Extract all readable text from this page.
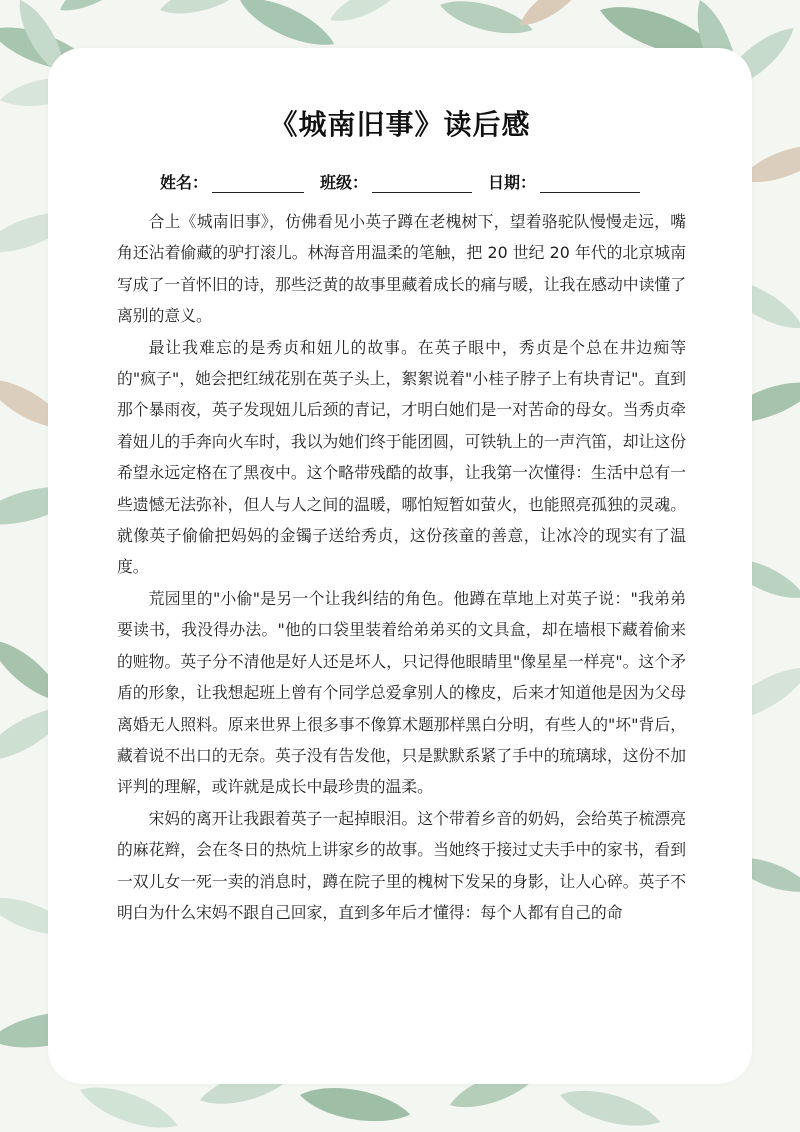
《城南旧事》读后感
姓名：	班级：	日期：

合上《城南旧事》，仿佛看见小英子蹲在老槐树下，望着骆驼队慢慢走远，嘴角还沾着偷藏的驴打滚儿。林海音用温柔的笔触，把 20 世纪 20 年代的北京城南写成了一首怀旧的诗，那些泛黄的故事里藏着成长的痛与暖，让我在感动中读懂了离别的意义。

最让我难忘的是秀贞和妞儿的故事。在英子眼中，秀贞是个总在井边痴等的"疯子"，她会把红绒花别在英子头上，絮絮说着"小桂子脖子上有块青记"。直到那个暴雨夜，英子发现妞儿后颈的青记，才明白她们是一对苦命的母女。当秀贞牵着妞儿的手奔向火车时，我以为她们终于能团圆，可铁轨上的一声汽笛，却让这份希望永远定格在了黑夜中。这个略带残酷的故事，让我第一次懂得：生活中总有一些遗憾无法弥补，但人与人之间的温暖，哪怕短暂如萤火，也能照亮孤独的灵魂。就像英子偷偷把妈妈的金镯子送给秀贞，这份孩童的善意，让冰冷的现实有了温度。

荒园里的"小偷"是另一个让我纠结的角色。他蹲在草地上对英子说："我弟弟要读书，我没得办法。"他的口袋里装着给弟弟买的文具盒，却在墙根下藏着偷来的赃物。英子分不清他是好人还是坏人，只记得他眼睛里"像星星一样亮"。这个矛盾的形象，让我想起班上曾有个同学总爱拿别人的橡皮，后来才知道他是因为父母离婚无人照料。原来世界上很多事不像算术题那样黑白分明，有些人的"坏"背后，藏着说不出口的无奈。英子没有告发他，只是默默系紧了手中的琉璃球，这份不加评判的理解，或许就是成长中最珍贵的温柔。

宋妈的离开让我跟着英子一起掉眼泪。这个带着乡音的奶妈，会给英子梳漂亮的麻花辫，会在冬日的热炕上讲家乡的故事。当她终于接过丈夫手中的家书，看到一双儿女一死一卖的消息时，蹲在院子里的槐树下发呆的身影，让人心碎。英子不明白为什么宋妈不跟自己回家，直到多年后才懂得：每个人都有自己的命
